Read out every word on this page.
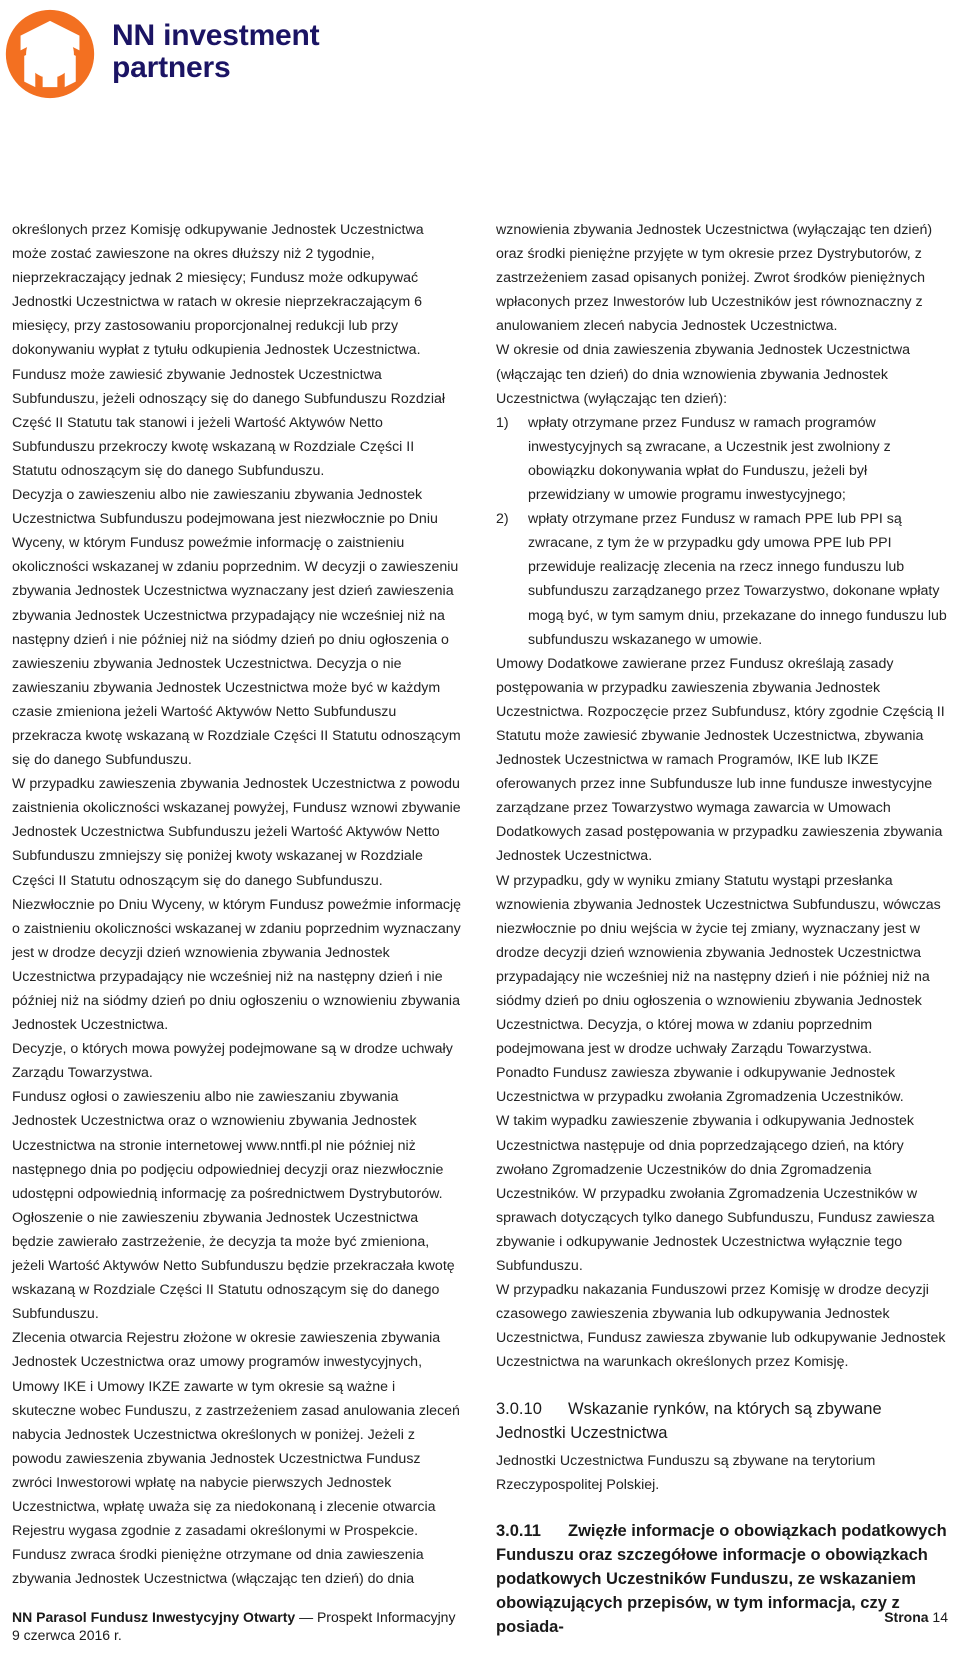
NN investment
partners

określonych przez Komisję odkupywanie Jednostek Uczestnictwa może zostać zawieszone na okres dłuższy niż 2 tygodnie, nieprzekraczający jednak 2 miesięcy; Fundusz może odkupywać Jednostki Uczestnictwa w ratach w okresie nieprzekraczającym 6 miesięcy, przy zastosowaniu proporcjonalnej redukcji lub przy dokonywaniu wypłat z tytułu odkupienia Jednostek Uczestnictwa.

Fundusz może zawiesić zbywanie Jednostek Uczestnictwa Subfunduszu, jeżeli odnoszący się do danego Subfunduszu Rozdział Część II Statutu tak stanowi i jeżeli Wartość Aktywów Netto Subfunduszu przekroczy kwotę wskazaną w Rozdziale Części II Statutu odnoszącym się do danego Subfunduszu.

Decyzja o zawieszeniu albo nie zawieszaniu zbywania Jednostek Uczestnictwa Subfunduszu podejmowana jest niezwłocznie po Dniu Wyceny, w którym Fundusz poweźmie informację o zaistnieniu okoliczności wskazanej w zdaniu poprzednim. W decyzji o zawieszeniu zbywania Jednostek Uczestnictwa wyznaczany jest dzień zawieszenia zbywania Jednostek Uczestnictwa przypadający nie wcześniej niż na następny dzień i nie później niż na siódmy dzień po dniu ogłoszenia o zawieszeniu zbywania Jednostek Uczestnictwa. Decyzja o nie zawieszaniu zbywania Jednostek Uczestnictwa może być w każdym czasie zmieniona jeżeli Wartość Aktywów Netto Subfunduszu przekracza kwotę wskazaną w Rozdziale Części II Statutu odnoszącym się do danego Subfunduszu.

W przypadku zawieszenia zbywania Jednostek Uczestnictwa z powodu zaistnienia okoliczności wskazanej powyżej, Fundusz wznowi zbywanie Jednostek Uczestnictwa Subfunduszu jeżeli Wartość Aktywów Netto Subfunduszu zmniejszy się poniżej kwoty wskazanej w Rozdziale Części II Statutu odnoszącym się do danego Subfunduszu. Niezwłocznie po Dniu Wyceny, w którym Fundusz poweźmie informację o zaistnieniu okoliczności wskazanej w zdaniu poprzednim wyznaczany jest w drodze decyzji dzień wznowienia zbywania Jednostek Uczestnictwa przypadający nie wcześniej niż na następny dzień i nie później niż na siódmy dzień po dniu ogłoszeniu o wznowieniu zbywania Jednostek Uczestnictwa.

Decyzje, o których mowa powyżej podejmowane są w drodze uchwały Zarządu Towarzystwa.

Fundusz ogłosi o zawieszeniu albo nie zawieszaniu zbywania Jednostek Uczestnictwa oraz o wznowieniu zbywania Jednostek Uczestnictwa na stronie internetowej www.nntfi.pl nie później niż następnego dnia po podjęciu odpowiedniej decyzji oraz niezwłocznie udostępni odpowiednią informację za pośrednictwem Dystrybutorów. Ogłoszenie o nie zawieszeniu zbywania Jednostek Uczestnictwa będzie zawierało zastrzeżenie, że decyzja ta może być zmieniona, jeżeli Wartość Aktywów Netto Subfunduszu będzie przekraczała kwotę wskazaną w Rozdziale Części II Statutu odnoszącym się do danego Subfunduszu.

Zlecenia otwarcia Rejestru złożone w okresie zawieszenia zbywania Jednostek Uczestnictwa oraz umowy programów inwestycyjnych, Umowy IKE i Umowy IKZE zawarte w tym okresie są ważne i skuteczne wobec Funduszu, z zastrzeżeniem zasad anulowania zleceń nabycia Jednostek Uczestnictwa określonych w poniżej. Jeżeli z powodu zawieszenia zbywania Jednostek Uczestnictwa Fundusz zwróci Inwestorowi wpłatę na nabycie pierwszych Jednostek Uczestnictwa, wpłatę uważa się za niedokonaną i zlecenie otwarcia Rejestru wygasa zgodnie z zasadami określonymi w Prospekcie.

Fundusz zwraca środki pieniężne otrzymane od dnia zawieszenia zbywania Jednostek Uczestnictwa (włączając ten dzień) do dnia

wznowienia zbywania Jednostek Uczestnictwa (wyłączając ten dzień) oraz środki pieniężne przyjęte w tym okresie przez Dystrybutorów, z zastrzeżeniem zasad opisanych poniżej. Zwrot środków pieniężnych wpłaconych przez Inwestorów lub Uczestników jest równoznaczny z anulowaniem zleceń nabycia Jednostek Uczestnictwa.

W okresie od dnia zawieszenia zbywania Jednostek Uczestnictwa (włączając ten dzień) do dnia wznowienia zbywania Jednostek Uczestnictwa (wyłączając ten dzień):

1) wpłaty otrzymane przez Fundusz w ramach programów inwestycyjnych są zwracane, a Uczestnik jest zwolniony z obowiązku dokonywania wpłat do Funduszu, jeżeli był przewidziany w umowie programu inwestycyjnego;
2) wpłaty otrzymane przez Fundusz w ramach PPE lub PPI są zwracane, z tym że w przypadku gdy umowa PPE lub PPI przewiduje realizację zlecenia na rzecz innego funduszu lub subfunduszu zarządzanego przez Towarzystwo, dokonane wpłaty mogą być, w tym samym dniu, przekazane do innego funduszu lub subfunduszu wskazanego w umowie.

Umowy Dodatkowe zawierane przez Fundusz określają zasady postępowania w przypadku zawieszenia zbywania Jednostek Uczestnictwa. Rozpoczęcie przez Subfundusz, który zgodnie Częścią II Statutu może zawiesić zbywanie Jednostek Uczestnictwa, zbywania Jednostek Uczestnictwa w ramach Programów, IKE lub IKZE oferowanych przez inne Subfundusze lub inne fundusze inwestycyjne zarządzane przez Towarzystwo wymaga zawarcia w Umowach Dodatkowych zasad postępowania w przypadku zawieszenia zbywania Jednostek Uczestnictwa.

W przypadku, gdy w wyniku zmiany Statutu wystąpi przesłanka wznowienia zbywania Jednostek Uczestnictwa Subfunduszu, wówczas niezwłocznie po dniu wejścia w życie tej zmiany, wyznaczany jest w drodze decyzji dzień wznowienia zbywania Jednostek Uczestnictwa przypadający nie wcześniej niż na następny dzień i nie później niż na siódmy dzień po dniu ogłoszenia o wznowieniu zbywania Jednostek Uczestnictwa. Decyzja, o której mowa w zdaniu poprzednim podejmowana jest w drodze uchwały Zarządu Towarzystwa.

Ponadto Fundusz zawiesza zbywanie i odkupywanie Jednostek Uczestnictwa w przypadku zwołania Zgromadzenia Uczestników.

W takim wypadku zawieszenie zbywania i odkupywania Jednostek Uczestnictwa następuje od dnia poprzedzającego dzień, na który zwołano Zgromadzenie Uczestników do dnia Zgromadzenia Uczestników. W przypadku zwołania Zgromadzenia Uczestników w sprawach dotyczących tylko danego Subfunduszu, Fundusz zawiesza zbywanie i odkupywanie Jednostek Uczestnictwa wyłącznie tego Subfunduszu.

W przypadku nakazania Funduszowi przez Komisję w drodze decyzji czasowego zawieszenia zbywania lub odkupywania Jednostek Uczestnictwa, Fundusz zawiesza zbywanie lub odkupywanie Jednostek Uczestnictwa na warunkach określonych przez Komisję.

3.0.10 Wskazanie rynków, na których są zbywane Jednostki Uczestnictwa

Jednostki Uczestnictwa Funduszu są zbywane na terytorium Rzeczypospolitej Polskiej.

3.0.11 Zwięzłe informacje o obowiązkach podatkowych Funduszu oraz szczegółowe informacje o obowiązkach podatkowych Uczestników Funduszu, ze wskazaniem obowiązujących przepisów, w tym informacja, czy z posiada-
NN Parasol Fundusz Inwestycyjny Otwarty — Prospekt Informacyjny
9 czerwca 2016 r.
Strona 14
